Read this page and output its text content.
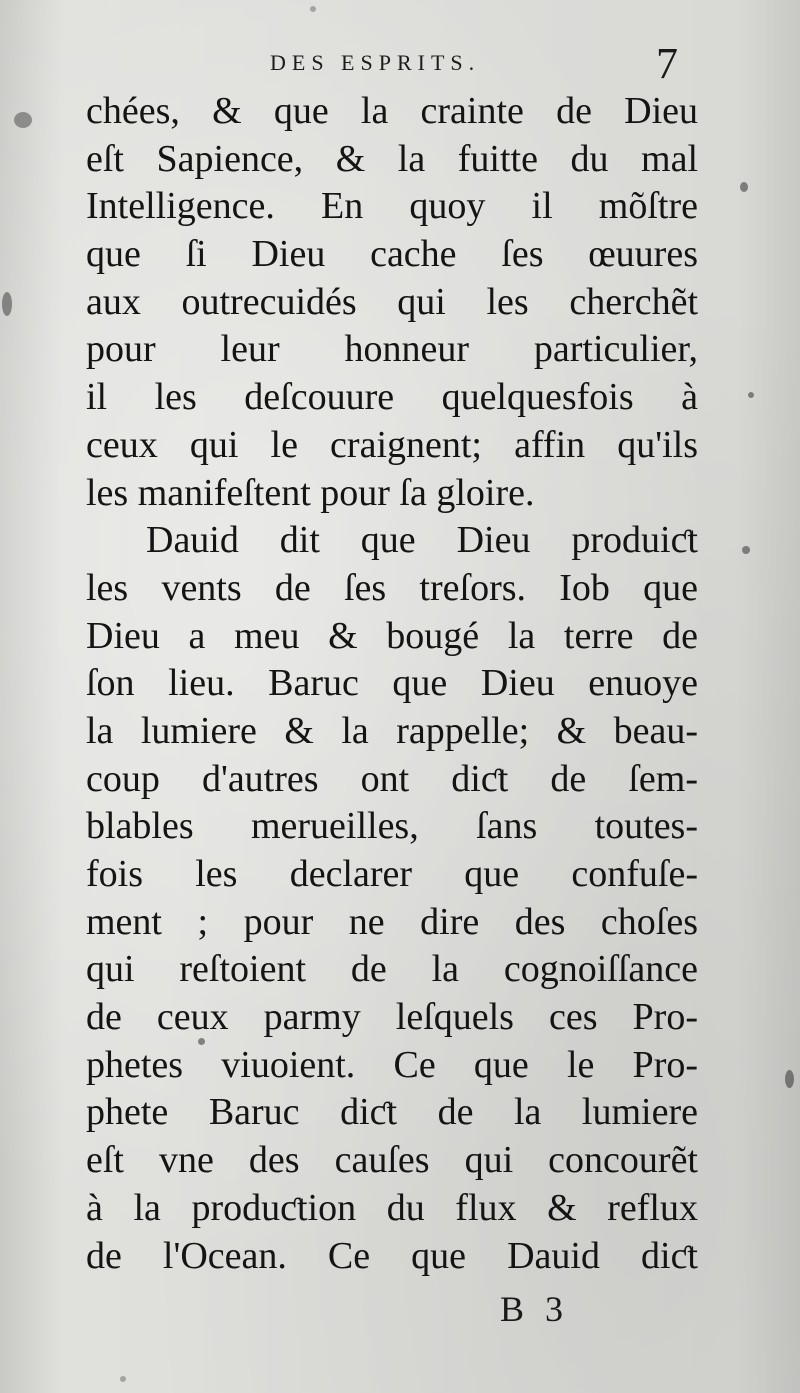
DES ESPRITS.	7
chées, & que la crainte de Dieu
eſt Sapience, & la fuitte du mal
Intelligence. En quoy il mõſtre
que ſi Dieu cache ſes œuures
aux outrecuidés qui les cherchẽt
pour leur honneur particulier,
il les deſcouure quelquesfois à
ceux qui le craignent; affin qu'ils
les manifeſtent pour ſa gloire.
Dauid dit que Dieu produiƈt
les vents de ſes treſors. Iob que
Dieu a meu & bougé la terre de
ſon lieu. Baruc que Dieu enuoye
la lumiere & la rappelle; & beau-
coup d'autres ont diƈt de ſem-
blables merueilles, ſans toutes-
fois les declarer que confuſe-
ment ; pour ne dire des choſes
qui reſtoient de la cognoiſſance
de ceux parmy leſquels ces Pro-
phetes viuoient. Ce que le Pro-
phete Baruc diƈt de la lumiere
eſt vne des cauſes qui concourẽt
à la produƈtion du flux & reflux
de l'Ocean. Ce que Dauid diƈt
B 3
